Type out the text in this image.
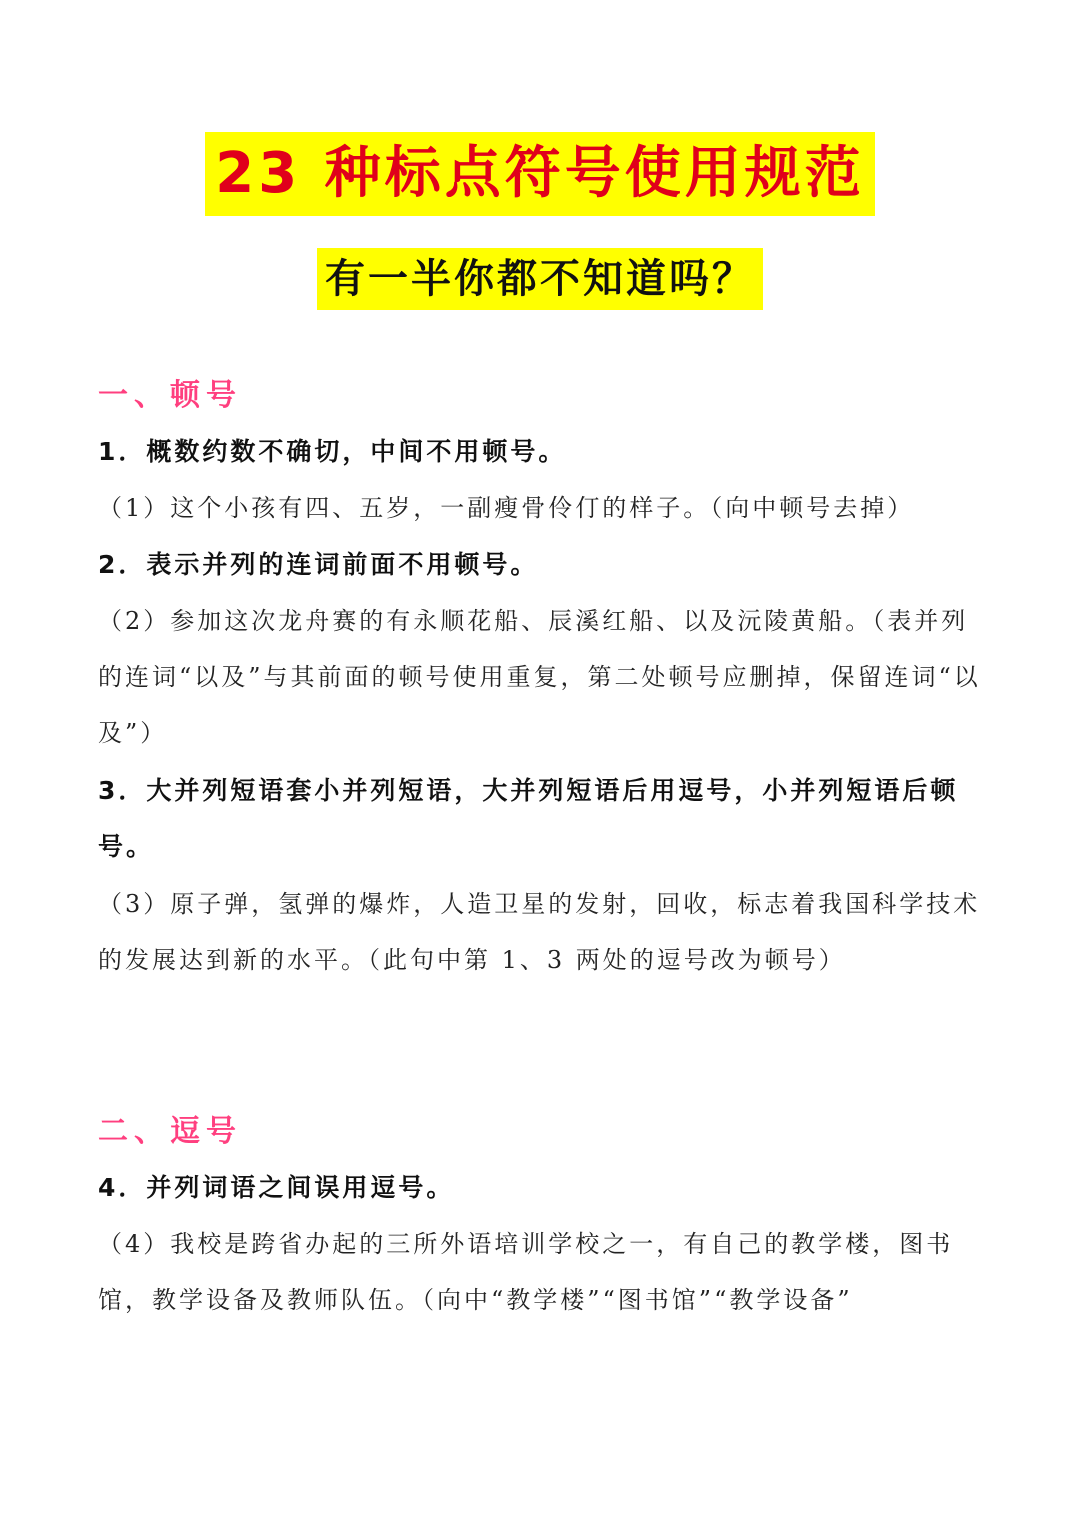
23 种标点符号使用规范
有一半你都不知道吗？
一、顿号
1．概数约数不确切，中间不用顿号。
（1）这个小孩有四、五岁，一副瘦骨伶仃的样子。（向中顿号去掉）
2．表示并列的连词前面不用顿号。
（2）参加这次龙舟赛的有永顺花船、辰溪红船、以及沅陵黄船。（表并列的连词“以及”与其前面的顿号使用重复，第二处顿号应删掉，保留连词“以及”）
3．大并列短语套小并列短语，大并列短语后用逗号，小并列短语后顿号。
（3）原子弹，氢弹的爆炸，人造卫星的发射，回收，标志着我国科学技术的发展达到新的水平。（此句中第 1、3 两处的逗号改为顿号）
二、逗号
4．并列词语之间误用逗号。
（4）我校是跨省办起的三所外语培训学校之一，有自己的教学楼，图书馆，教学设备及教师队伍。（向中“教学楼”“图书馆”“教学设备”
